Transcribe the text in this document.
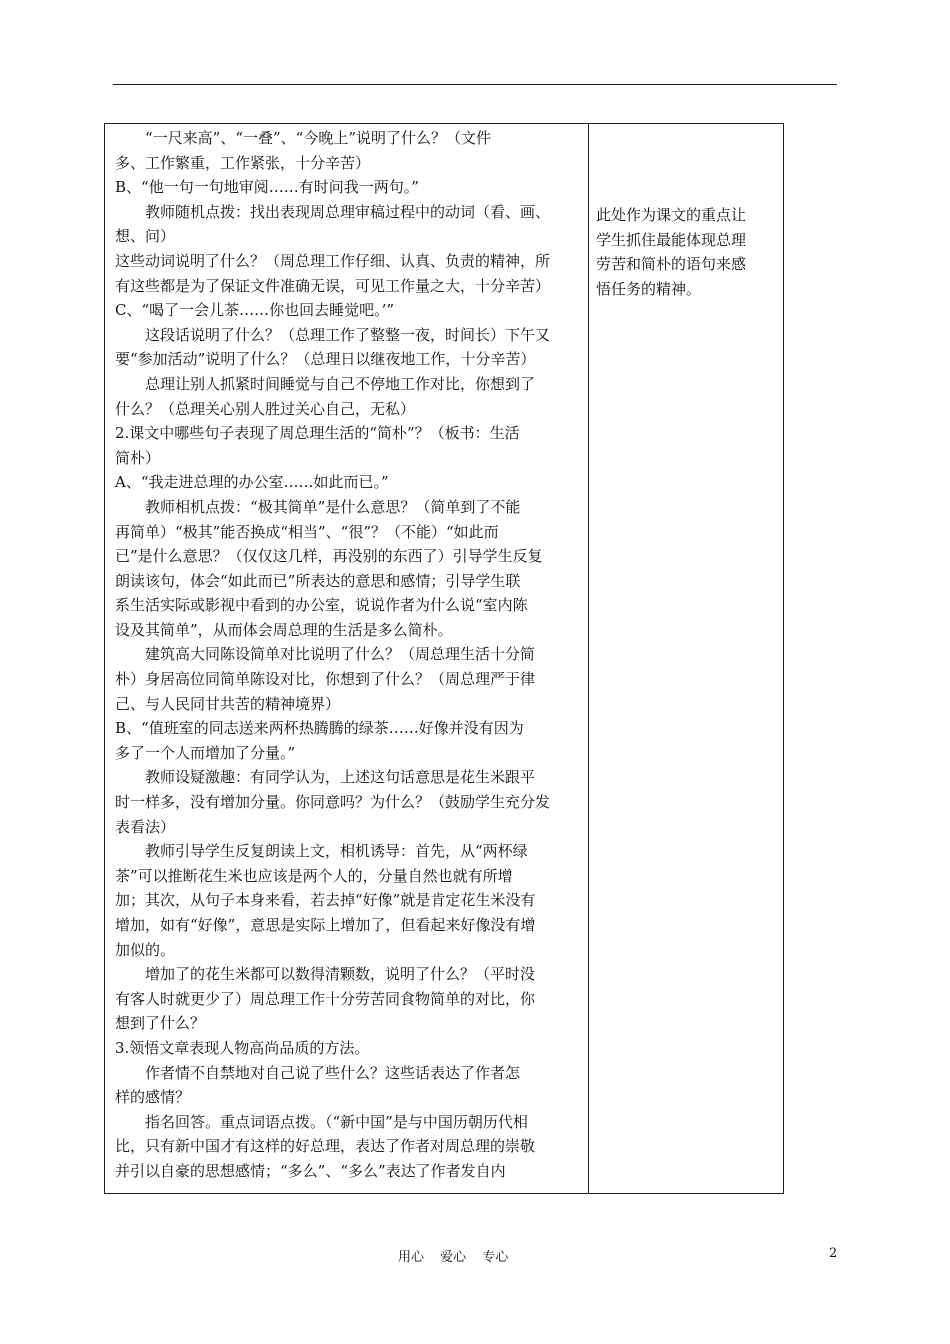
“一尺来高”、“一叠”、“今晚上”说明了什么？（文件

多、工作繁重，工作紧张，十分辛苦）

B、“他一句一句地审阅……有时问我一两句。”

教师随机点拨：找出表现周总理审稿过程中的动词（看、画、

想、问）

这些动词说明了什么？（周总理工作仔细、认真、负责的精神，所

有这些都是为了保证文件准确无误，可见工作量之大，十分辛苦）

C、“喝了一会儿茶……你也回去睡觉吧。’”

这段话说明了什么？（总理工作了整整一夜，时间长）下午又

要“参加活动”说明了什么？（总理日以继夜地工作，十分辛苦）

总理让别人抓紧时间睡觉与自己不停地工作对比，你想到了

什么？（总理关心别人胜过关心自己，无私）

2.课文中哪些句子表现了周总理生活的“简朴”？（板书：生活

简朴）

A、“我走进总理的办公室……如此而已。”

教师相机点拨：“极其简单”是什么意思？（简单到了不能

再简单）“极其”能否换成“相当”、“很”？（不能）“如此而

已”是什么意思？（仅仅这几样，再没别的东西了）引导学生反复

朗读该句，体会“如此而已”所表达的意思和感情；引导学生联

系生活实际或影视中看到的办公室，说说作者为什么说“室内陈

设及其简单”，从而体会周总理的生活是多么简朴。

建筑高大同陈设简单对比说明了什么？（周总理生活十分简

朴）身居高位同简单陈设对比，你想到了什么？（周总理严于律

己、与人民同甘共苦的精神境界）

B、“值班室的同志送来两杯热腾腾的绿茶……好像并没有因为

多了一个人而增加了分量。”

教师设疑激趣：有同学认为，上述这句话意思是花生米跟平

时一样多，没有增加分量。你同意吗？为什么？（鼓励学生充分发

表看法）

教师引导学生反复朗读上文，相机诱导：首先，从“两杯绿

茶”可以推断花生米也应该是两个人的，分量自然也就有所增

加；其次，从句子本身来看，若去掉“好像”就是肯定花生米没有

增加，如有“好像”，意思是实际上增加了，但看起来好像没有增

加似的。

增加了的花生米都可以数得清颗数，说明了什么？（平时没

有客人时就更少了）周总理工作十分劳苦同食物简单的对比，你

想到了什么？

3.领悟文章表现人物高尚品质的方法。

作者情不自禁地对自己说了些什么？这些话表达了作者怎

样的感情？

指名回答。重点词语点拨。（“新中国”是与中国历朝历代相

比，只有新中国才有这样的好总理，表达了作者对周总理的崇敬

并引以自豪的思想感情；“多么”、“多么”表达了作者发自内

此处作为课文的重点让

学生抓住最能体现总理

劳苦和简朴的语句来感

悟任务的精神。

用心 爱心 专心	2
